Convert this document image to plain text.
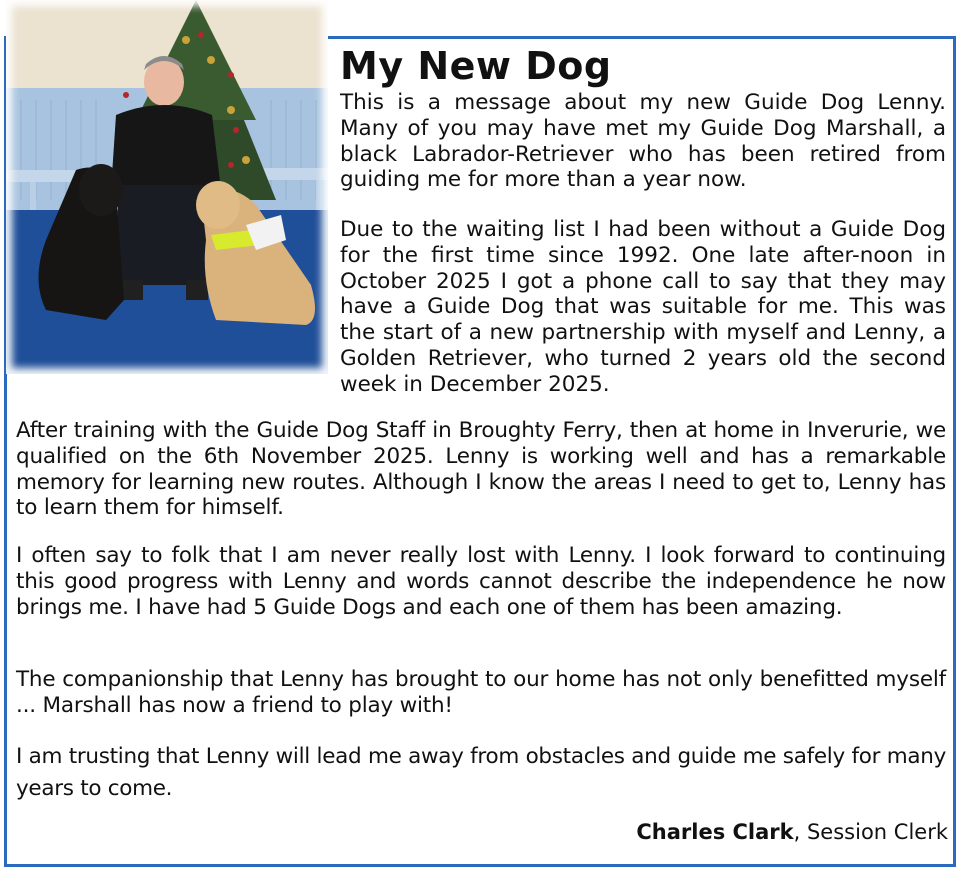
My New Dog

This is a message about my new Guide Dog Lenny. Many of you may have met my Guide Dog Marshall, a black Labrador-Retriever who has been retired from guiding me for more than a year now.

Due to the waiting list I had been without a Guide Dog for the first time since 1992. One late after-noon in October 2025 I got a phone call to say that they may have a Guide Dog that was suitable for me. This was the start of a new partnership with myself and Lenny, a Golden Retriever, who turned 2 years old the second week in December 2025.

After training with the Guide Dog Staff in Broughty Ferry, then at home in Inverurie, we qualified on the 6th November 2025. Lenny is working well and has a remarkable memory for learning new routes. Although I know the areas I need to get to, Lenny has to learn them for himself.

I often say to folk that I am never really lost with Lenny. I look forward to continuing this good progress with Lenny and words cannot describe the independence he now brings me. I have had 5 Guide Dogs and each one of them has been amazing.

The companionship that Lenny has brought to our home has not only benefitted myself ... Marshall has now a friend to play with!

I am trusting that Lenny will lead me away from obstacles and guide me safely for many years to come.

Charles Clark, Session Clerk
